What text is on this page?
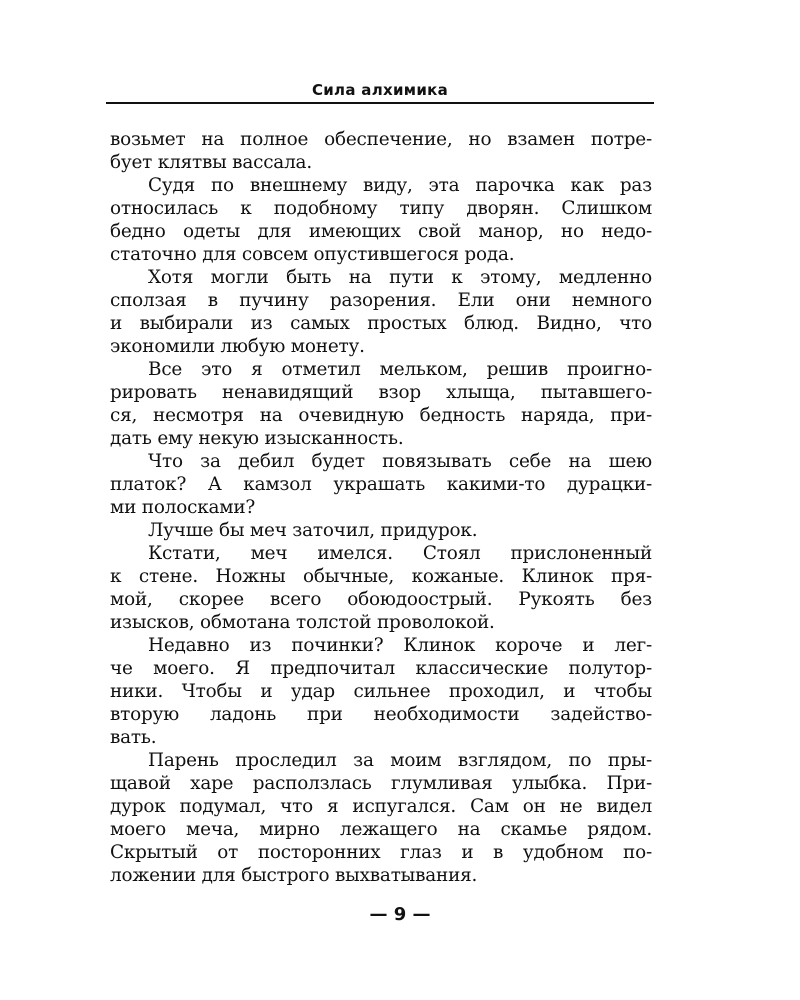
Сила алхимика
возьмет на полное обеспечение, но взамен потре-
бует клятвы вассала.
Судя по внешнему виду, эта парочка как раз
относилась к подобному типу дворян. Слишком
бедно одеты для имеющих свой манор, но недо-
статочно для совсем опустившегося рода.
Хотя могли быть на пути к этому, медленно
сползая в пучину разорения. Ели они немного
и выбирали из самых простых блюд. Видно, что
экономили любую монету.
Все это я отметил мельком, решив проигно-
рировать ненавидящий взор хлыща, пытавшего-
ся, несмотря на очевидную бедность наряда, при-
дать ему некую изысканность.
Что за дебил будет повязывать себе на шею
платок? А камзол украшать какими-то дурацки-
ми полосками?
Лучше бы меч заточил, придурок.
Кстати, меч имелся. Стоял прислоненный
к стене. Ножны обычные, кожаные. Клинок пря-
мой, скорее всего обоюдоострый. Рукоять без
изысков, обмотана толстой проволокой.
Недавно из починки? Клинок короче и лег-
че моего. Я предпочитал классические полутор-
ники. Чтобы и удар сильнее проходил, и чтобы
вторую ладонь при необходимости задейство-
вать.
Парень проследил за моим взглядом, по пры-
щавой харе расползлась глумливая улыбка. При-
дурок подумал, что я испугался. Сам он не видел
моего меча, мирно лежащего на скамье рядом.
Скрытый от посторонних глаз и в удобном по-
ложении для быстрого выхватывания.
— 9 —
